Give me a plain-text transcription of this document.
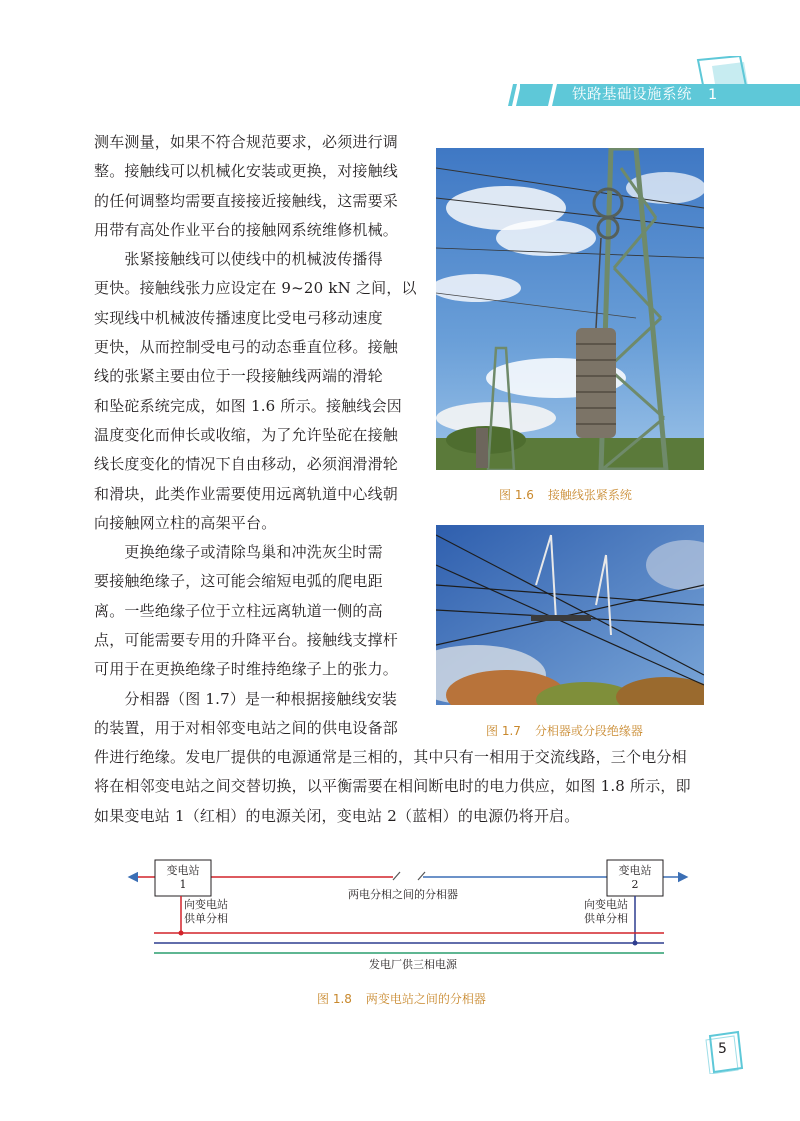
铁路基础设施系统 1

测车测量，如果不符合规范要求，必须进行调

整。接触线可以机械化安装或更换，对接触线

的任何调整均需要直接接近接触线，这需要采

用带有高处作业平台的接触网系统维修机械。

　　张紧接触线可以使线中的机械波传播得

更快。接触线张力应设定在 9~20 kN 之间，以

实现线中机械波传播速度比受电弓移动速度

更快，从而控制受电弓的动态垂直位移。接触

线的张紧主要由位于一段接触线两端的滑轮

和坠砣系统完成，如图 1.6 所示。接触线会因

温度变化而伸长或收缩，为了允许坠砣在接触

线长度变化的情况下自由移动，必须润滑滑轮

和滑块，此类作业需要使用远离轨道中心线朝

向接触网立柱的高架平台。

　　更换绝缘子或清除鸟巢和冲洗灰尘时需

要接触绝缘子，这可能会缩短电弧的爬电距

离。一些绝缘子位于立柱远离轨道一侧的高

点，可能需要专用的升降平台。接触线支撑杆

可用于在更换绝缘子时维持绝缘子上的张力。

　　分相器（图 1.7）是一种根据接触线安装

的装置，用于对相邻变电站之间的供电设备部

件进行绝缘。发电厂提供的电源通常是三相的，其中只有一相用于交流线路，三个电分相

将在相邻变电站之间交替切换，以平衡需要在相间断电时的电力供应，如图 1.8 所示，即

如果变电站 1（红相）的电源关闭，变电站 2（蓝相）的电源仍将开启。

图 1.6 接触线张紧系统
图 1.7 分相器或分段绝缘器
变电站
1
变电站
2
两电分相之间的分相器
向变电站
供单分相
向变电站
供单分相
发电厂供三相电源
图 1.8 两变电站之间的分相器
5
